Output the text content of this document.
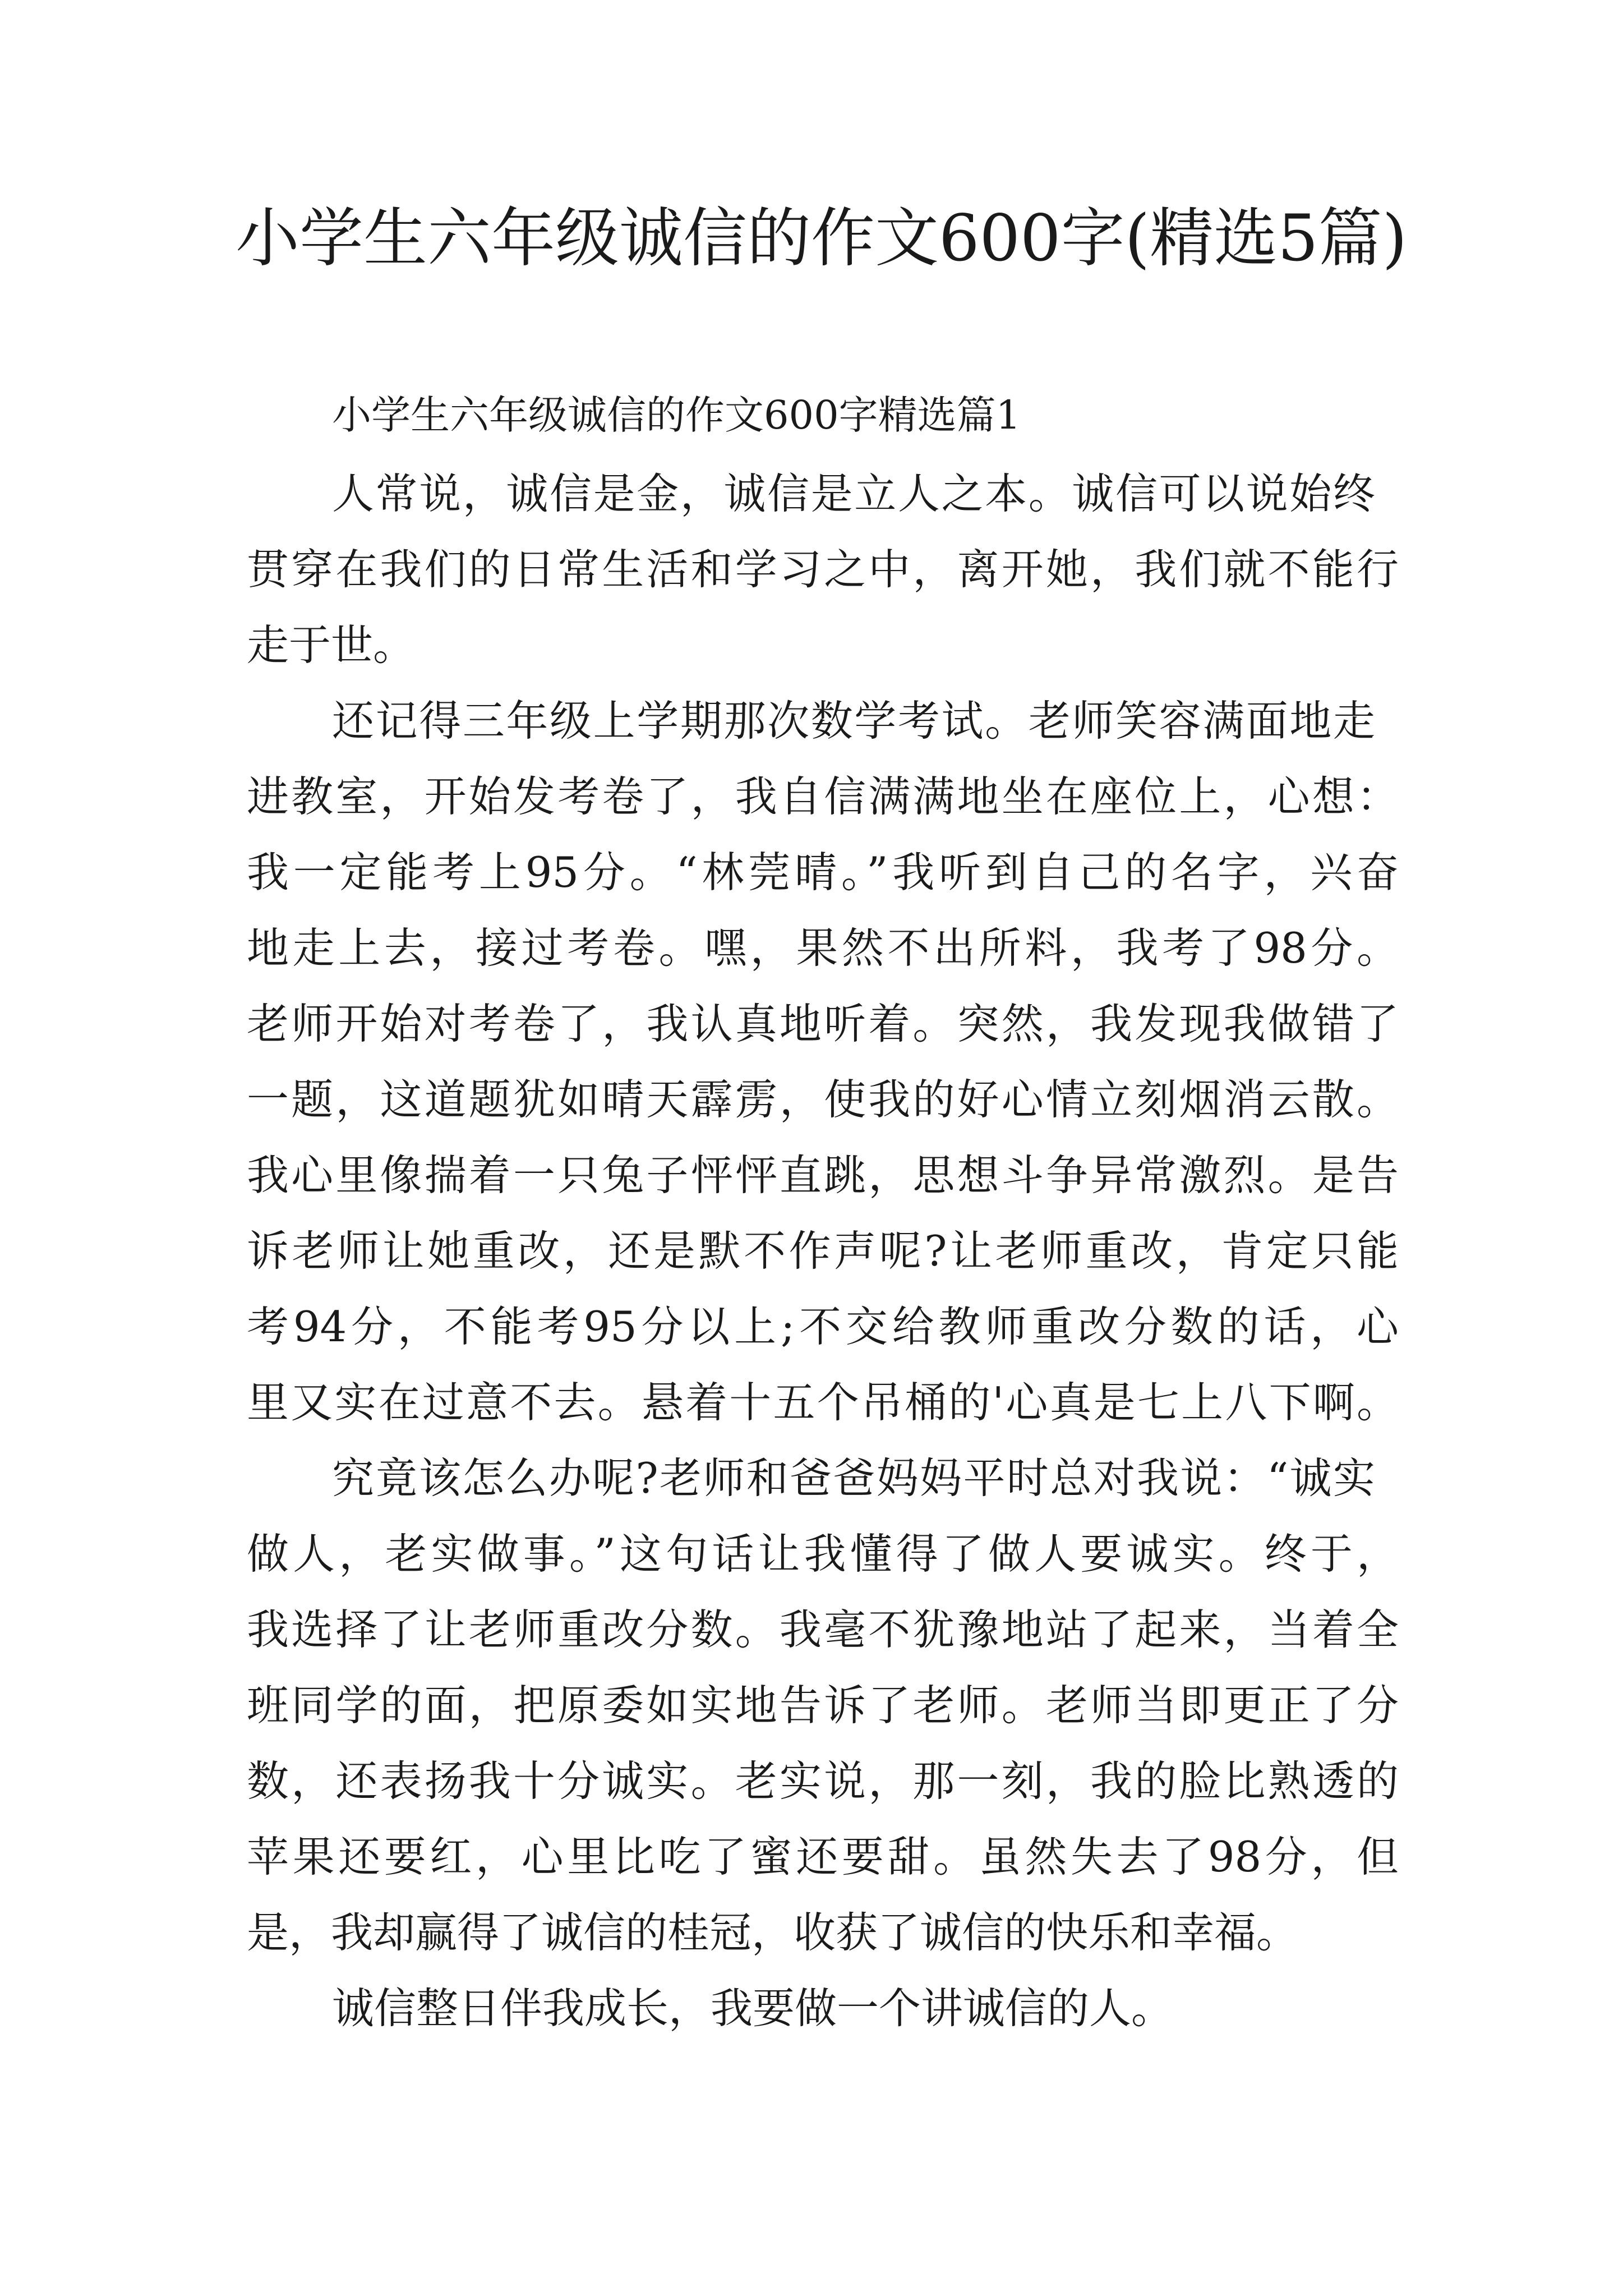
小学生六年级诚信的作文600字(精选5篇)
小学生六年级诚信的作文600字精选篇1

人常说，诚信是金，诚信是立人之本。诚信可以说始终

贯穿在我们的日常生活和学习之中，离开她，我们就不能行

走于世。

还记得三年级上学期那次数学考试。老师笑容满面地走

进教室，开始发考卷了，我自信满满地坐在座位上，心想：

我一定能考上95分。“林莞晴。”我听到自己的名字，兴奋

地走上去，接过考卷。嘿，果然不出所料，我考了98分。

老师开始对考卷了，我认真地听着。突然，我发现我做错了

一题，这道题犹如晴天霹雳，使我的好心情立刻烟消云散。

我心里像揣着一只兔子怦怦直跳，思想斗争异常激烈。是告

诉老师让她重改，还是默不作声呢?让老师重改，肯定只能

考94分，不能考95分以上;不交给教师重改分数的话，心

里又实在过意不去。悬着十五个吊桶的'心真是七上八下啊。

究竟该怎么办呢?老师和爸爸妈妈平时总对我说：“诚实

做人，老实做事。”这句话让我懂得了做人要诚实。终于，

我选择了让老师重改分数。我毫不犹豫地站了起来，当着全

班同学的面，把原委如实地告诉了老师。老师当即更正了分

数，还表扬我十分诚实。老实说，那一刻，我的脸比熟透的

苹果还要红，心里比吃了蜜还要甜。虽然失去了98分，但

是，我却赢得了诚信的桂冠，收获了诚信的快乐和幸福。

诚信整日伴我成长，我要做一个讲诚信的人。
